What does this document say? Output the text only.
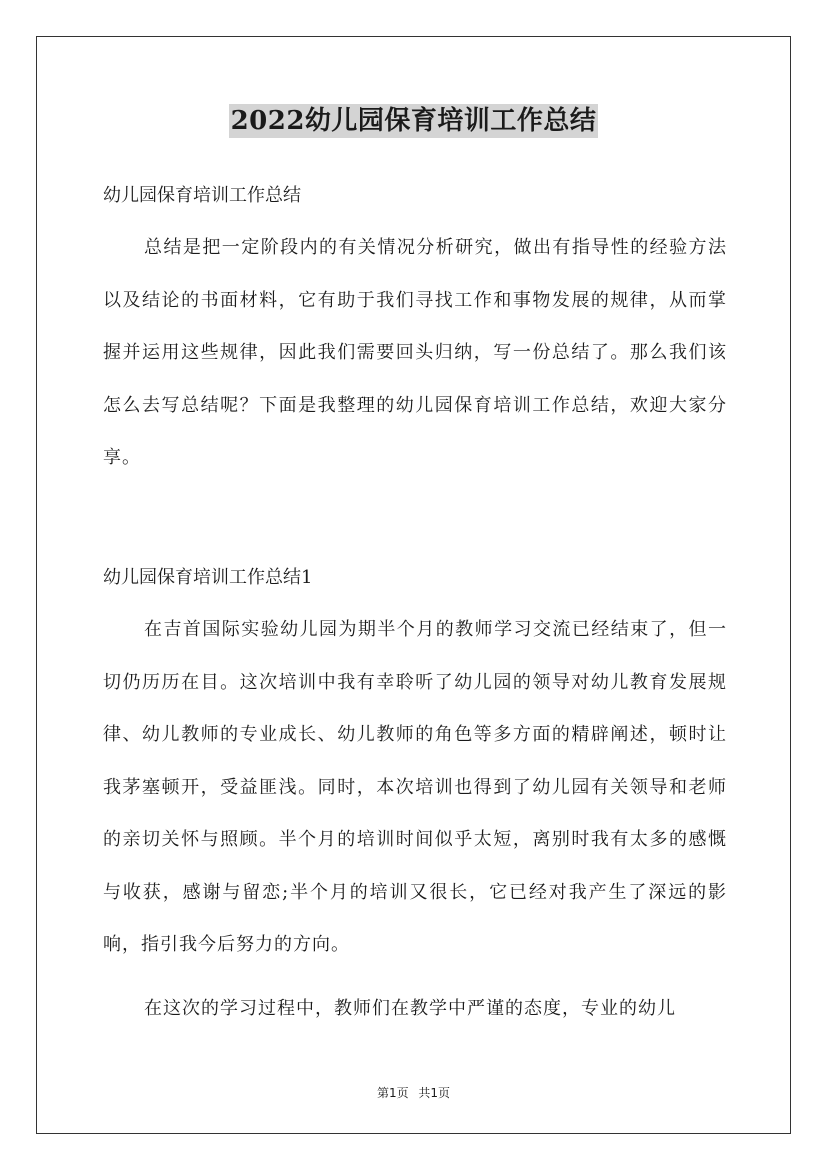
2022幼儿园保育培训工作总结
幼儿园保育培训工作总结

总结是把一定阶段内的有关情况分析研究，做出有指导性的经验方法以及结论的书面材料，它有助于我们寻找工作和事物发展的规律，从而掌握并运用这些规律，因此我们需要回头归纳，写一份总结了。那么我们该怎么去写总结呢？下面是我整理的幼儿园保育培训工作总结，欢迎大家分享。

幼儿园保育培训工作总结1

在吉首国际实验幼儿园为期半个月的教师学习交流已经结束了，但一切仍历历在目。这次培训中我有幸聆听了幼儿园的领导对幼儿教育发展规律、幼儿教师的专业成长、幼儿教师的角色等多方面的精辟阐述，顿时让我茅塞顿开，受益匪浅。同时，本次培训也得到了幼儿园有关领导和老师的亲切关怀与照顾。半个月的培训时间似乎太短，离别时我有太多的感慨与收获，感谢与留恋;半个月的培训又很长，它已经对我产生了深远的影响，指引我今后努力的方向。

在这次的学习过程中，教师们在教学中严谨的态度，专业的幼儿

第1页 共1页
